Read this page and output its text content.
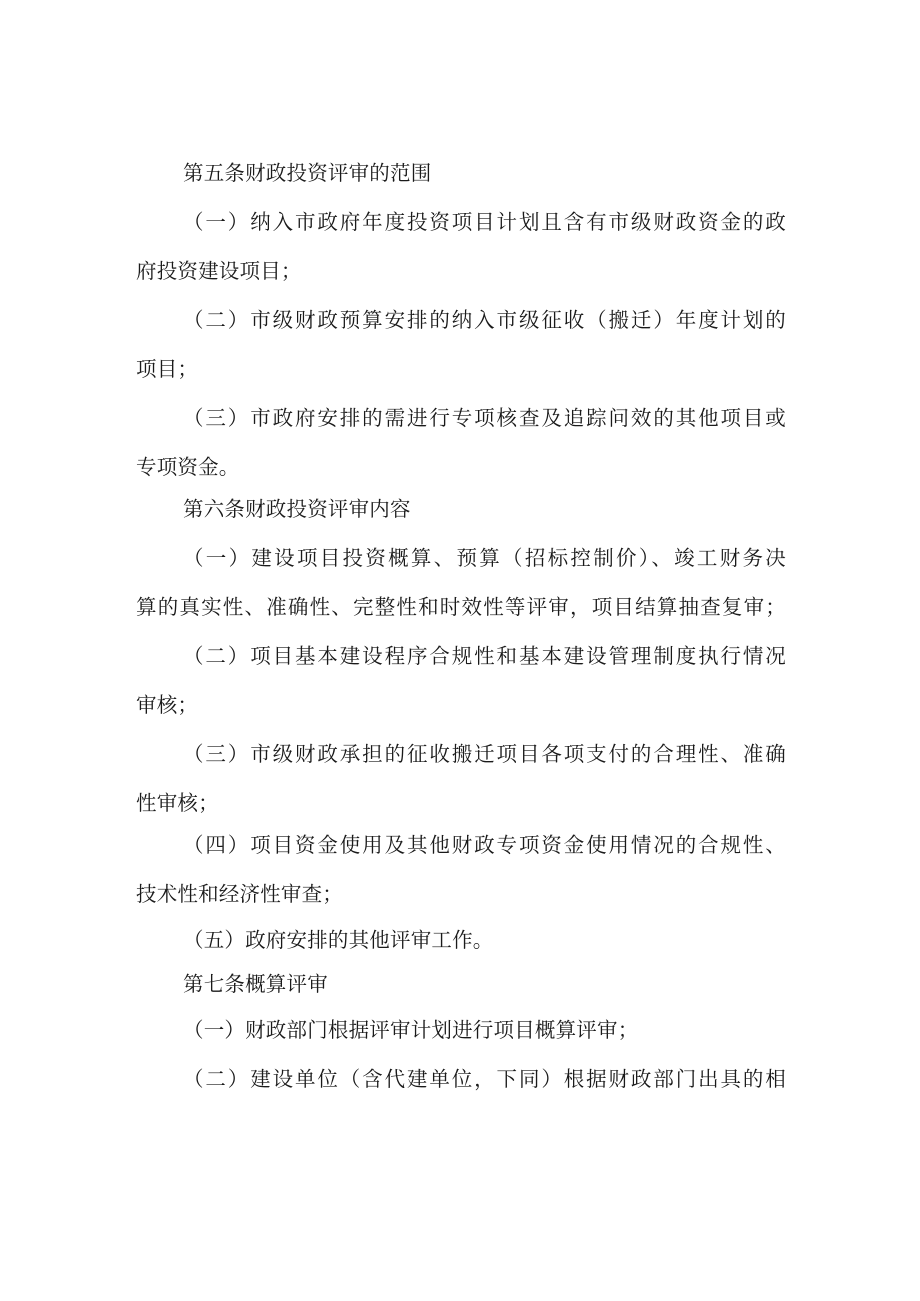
第五条财政投资评审的范围
（一）纳入市政府年度投资项目计划且含有市级财政资金的政
府投资建设项目；
（二）市级财政预算安排的纳入市级征收（搬迁）年度计划的
项目；
（三）市政府安排的需进行专项核查及追踪问效的其他项目或
专项资金。
第六条财政投资评审内容
（一）建设项目投资概算、预算（招标控制价）、竣工财务决
算的真实性、准确性、完整性和时效性等评审，项目结算抽查复审；
（二）项目基本建设程序合规性和基本建设管理制度执行情况
审核；
（三）市级财政承担的征收搬迁项目各项支付的合理性、准确
性审核；
（四）项目资金使用及其他财政专项资金使用情况的合规性、
技术性和经济性审查；
（五）政府安排的其他评审工作。
第七条概算评审
（一）财政部门根据评审计划进行项目概算评审；
（二）建设单位（含代建单位，下同）根据财政部门出具的相
